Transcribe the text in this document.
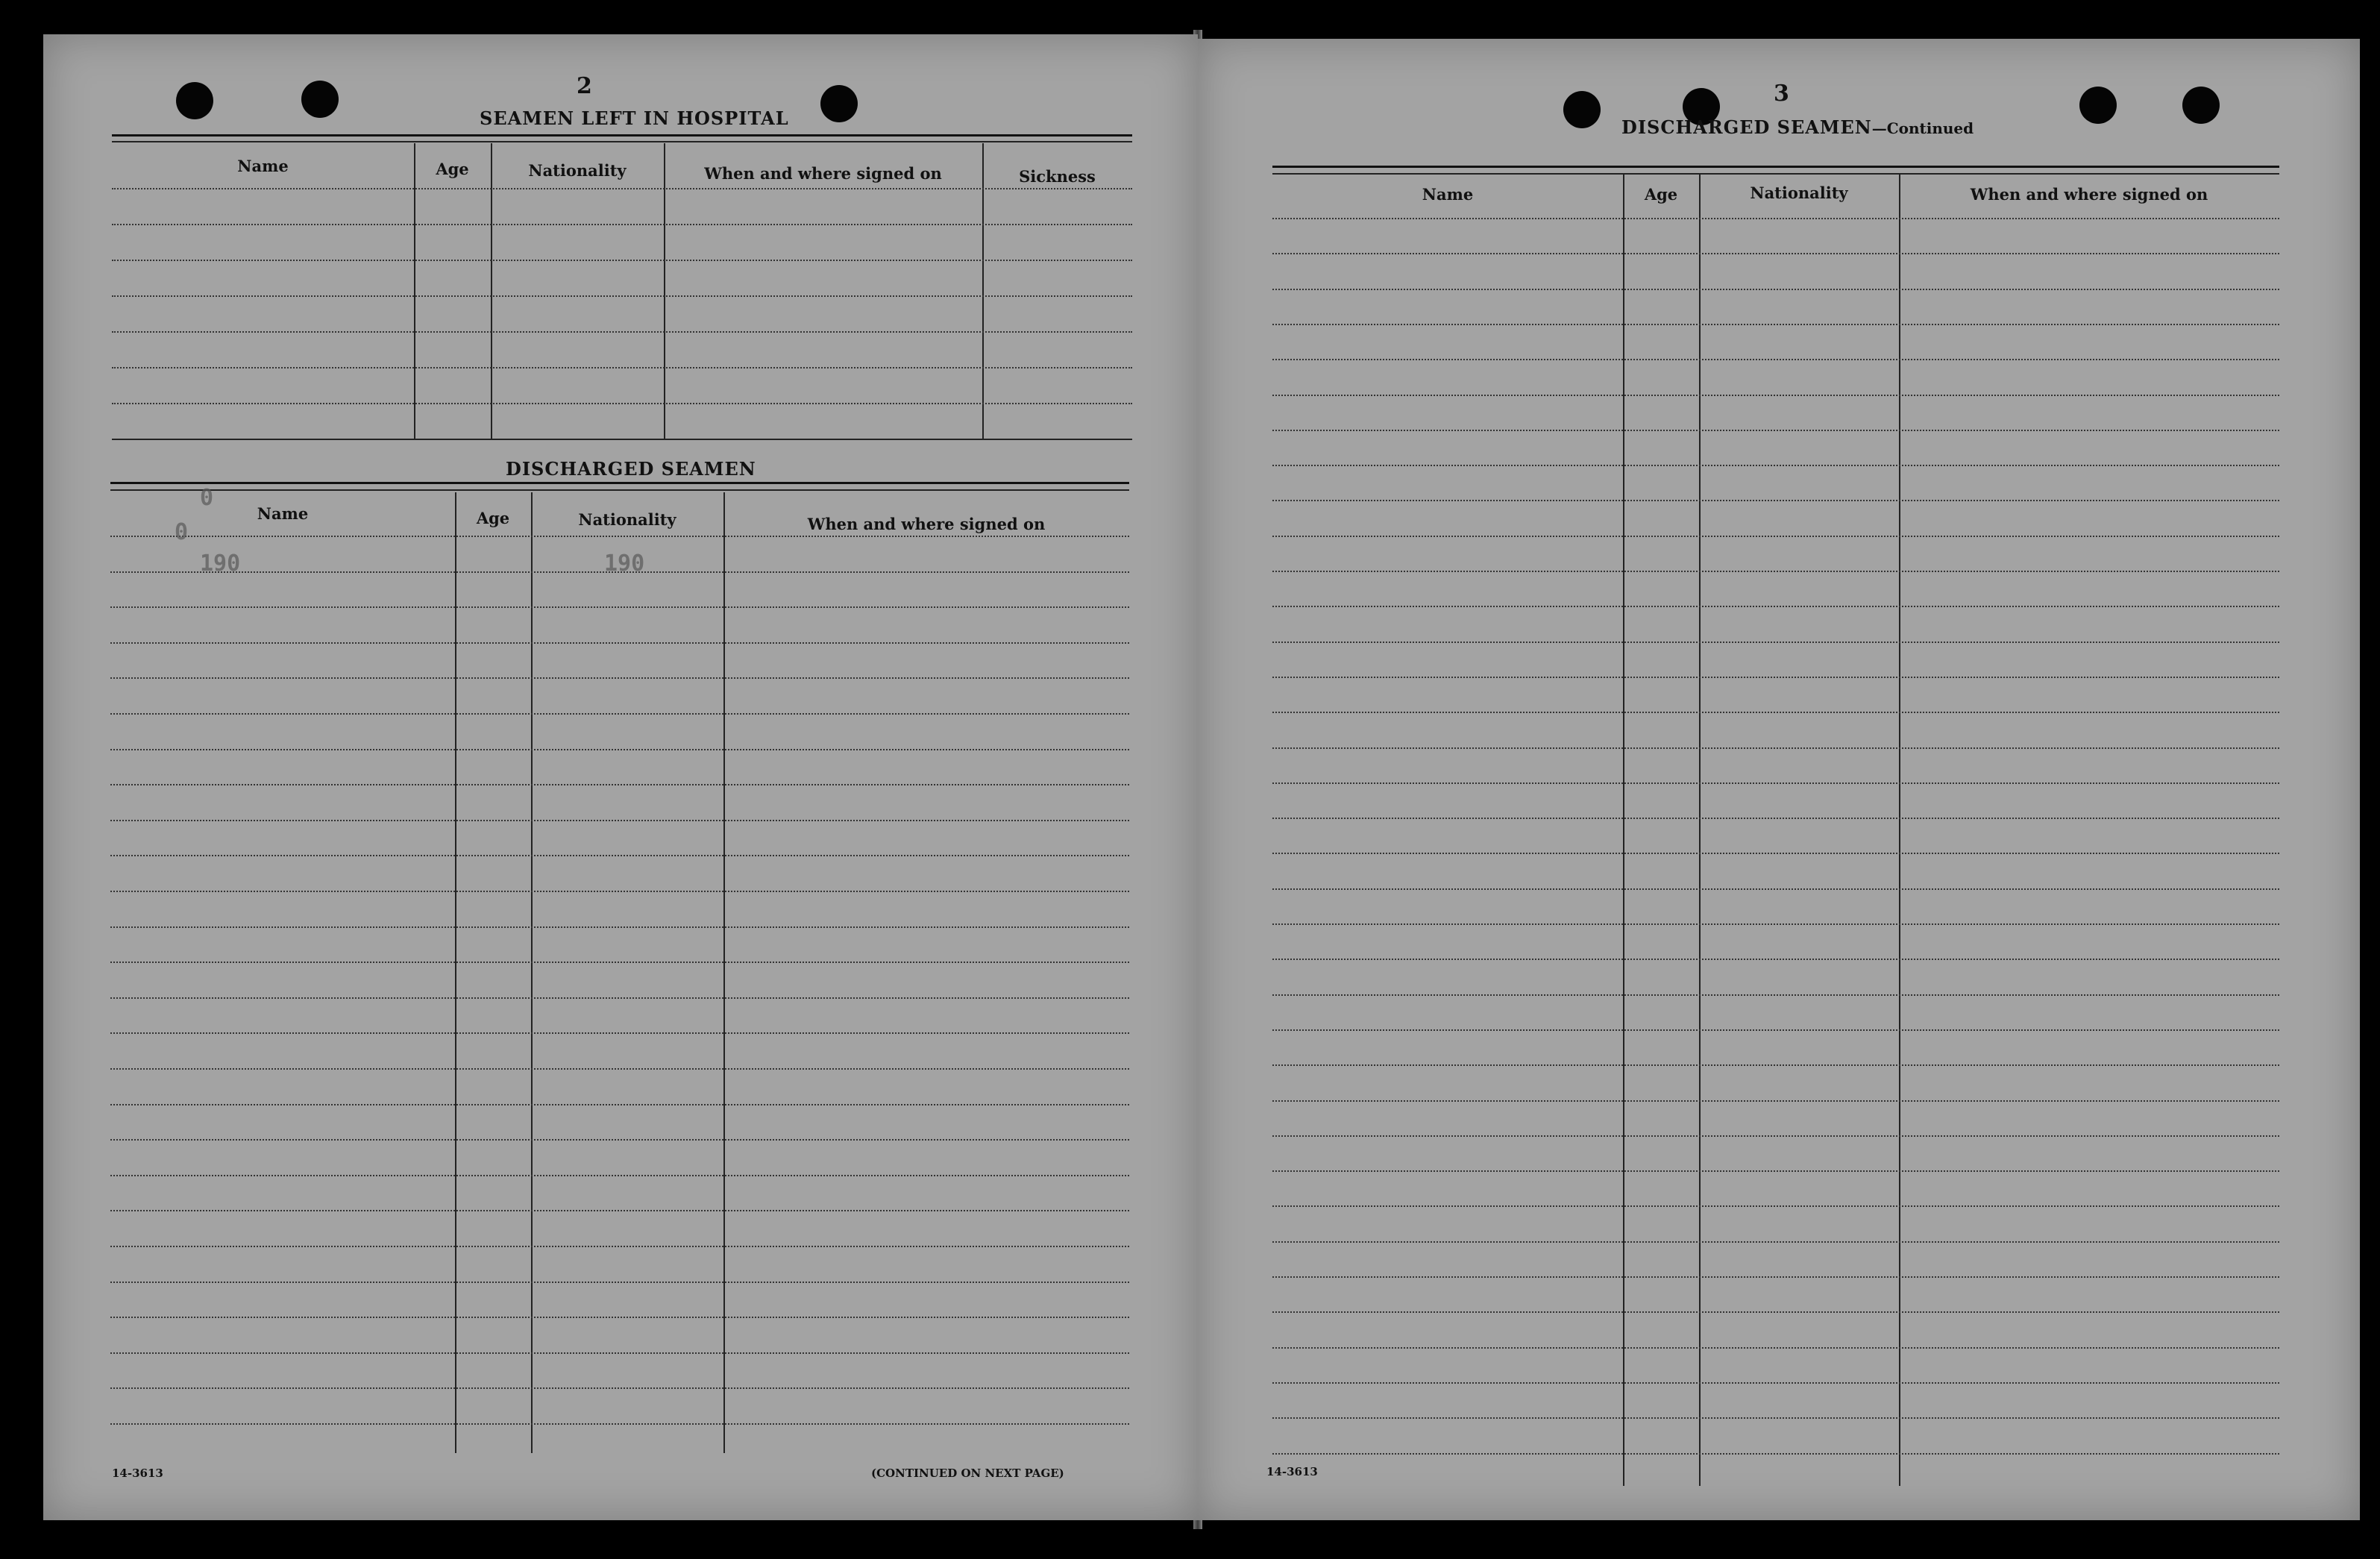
2
SEAMEN LEFT IN HOSPITAL
Name	Age	Nationality	When and where signed on	Sickness
DISCHARGED SEAMEN
Name	Age	Nationality	When and where signed on
0
0
190	190
14-3613	(CONTINUED ON NEXT PAGE)
3
DISCHARGED SEAMEN—Continued
Name	Age	Nationality	When and where signed on
14-3613
